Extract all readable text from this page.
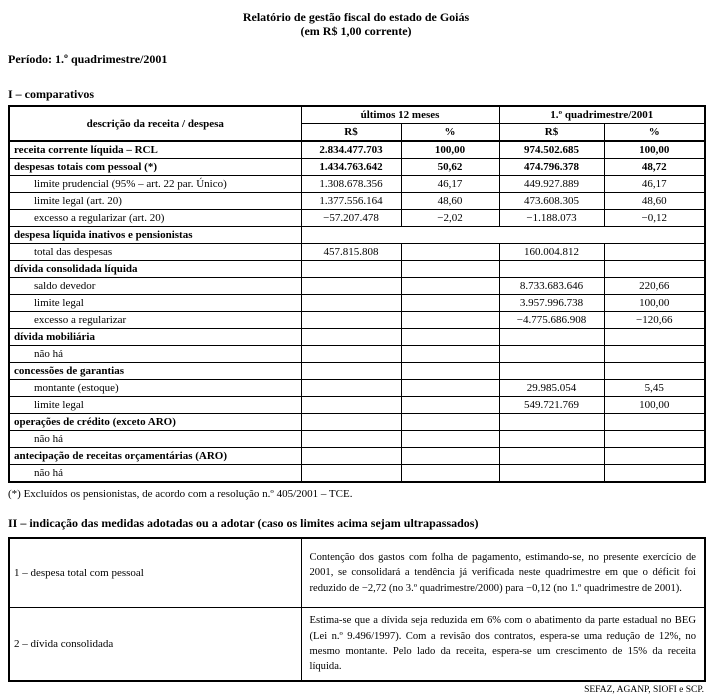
Relatório de gestão fiscal do estado de Goiás
(em R$ 1,00 corrente)
Período: 1.º quadrimestre/2001
I – comparativos
descrição da receita / despesa	últimos 12 meses		1.º quadrimestre/2001	
	R$	%	R$	%
receita corrente líquida – RCL	2.834.477.703	100,00	974.502.685	100,00
despesas totais com pessoal (*)	1.434.763.642	50,62	474.796.378	48,72
limite prudencial (95% – art. 22 par. Único)	1.308.678.356	46,17	449.927.889	46,17
limite legal (art. 20)	1.377.556.164	48,60	473.608.305	48,60
excesso a regularizar (art. 20)	−57.207.478	−2,02	−1.188.073	−0,12
despesa líquida inativos e pensionistas				
total das despesas	457.815.808		160.004.812	
dívida consolidada líquida				
saldo devedor			8.733.683.646	220,66
limite legal			3.957.996.738	100,00
excesso a regularizar			−4.775.686.908	−120,66
dívida mobiliária				
não há				
concessões de garantias				
montante (estoque)			29.985.054	5,45
limite legal			549.721.769	100,00
operações de crédito (exceto ARO)				
não há				
antecipação de receitas orçamentárias (ARO)				
não há				
(*) Excluídos os pensionistas, de acordo com a resolução n.º 405/2001 – TCE.
II – indicação das medidas adotadas ou a adotar (caso os limites acima sejam ultrapassados)
1 – despesa total com pessoal	Contenção dos gastos com folha de pagamento, estimando-se, no presente exercício de 2001, se consolidará a tendência já verificada neste quadrimestre em que o déficit foi reduzido de −2,72 (no 3.º quadrimestre/2000) para −0,12 (no 1.º quadrimestre de 2001).
2 – dívida consolidada	Estima-se que a dívida seja reduzida em 6% com o abatimento da parte estadual no BEG (Lei n.º 9.496/1997). Com a revisão dos contratos, espera-se uma redução de 12%, no mesmo montante. Pelo lado da receita, espera-se um crescimento de 15% da receita líquida.
SEFAZ, AGANP, SIOFI e SCP.
